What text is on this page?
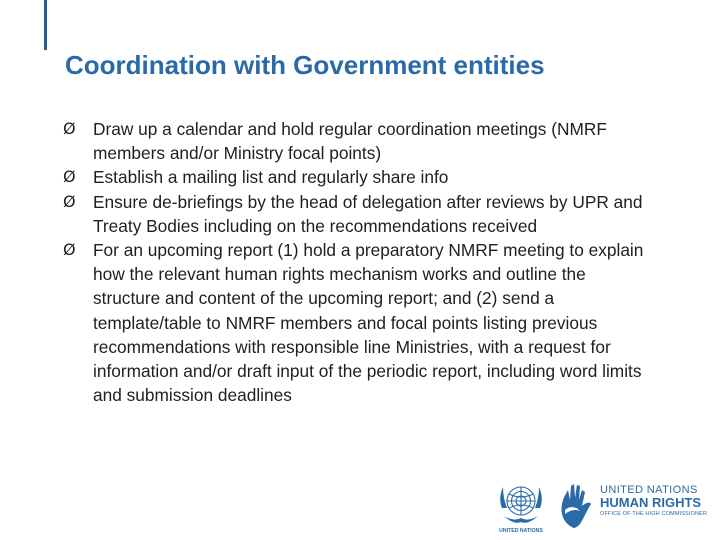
Coordination with Government entities
Ø	Draw up a calendar and hold regular coordination meetings (NMRF members and/or Ministry focal points)
Ø	Establish a mailing list and regularly share info
Ø	Ensure de-briefings by the head of delegation after reviews by UPR and Treaty Bodies including on the recommendations received
Ø	For an upcoming report (1) hold a preparatory NMRF meeting to explain how the relevant human rights mechanism works and outline the structure and content of the upcoming report; and (2) send a template/table to NMRF members and focal points listing previous recommendations with responsible line Ministries, with a request for information and/or draft input of the periodic report, including word limits and submission deadlines
UNITED NATIONS
UNITED NATIONS
HUMAN RIGHTS
OFFICE OF THE HIGH COMMISSIONER
